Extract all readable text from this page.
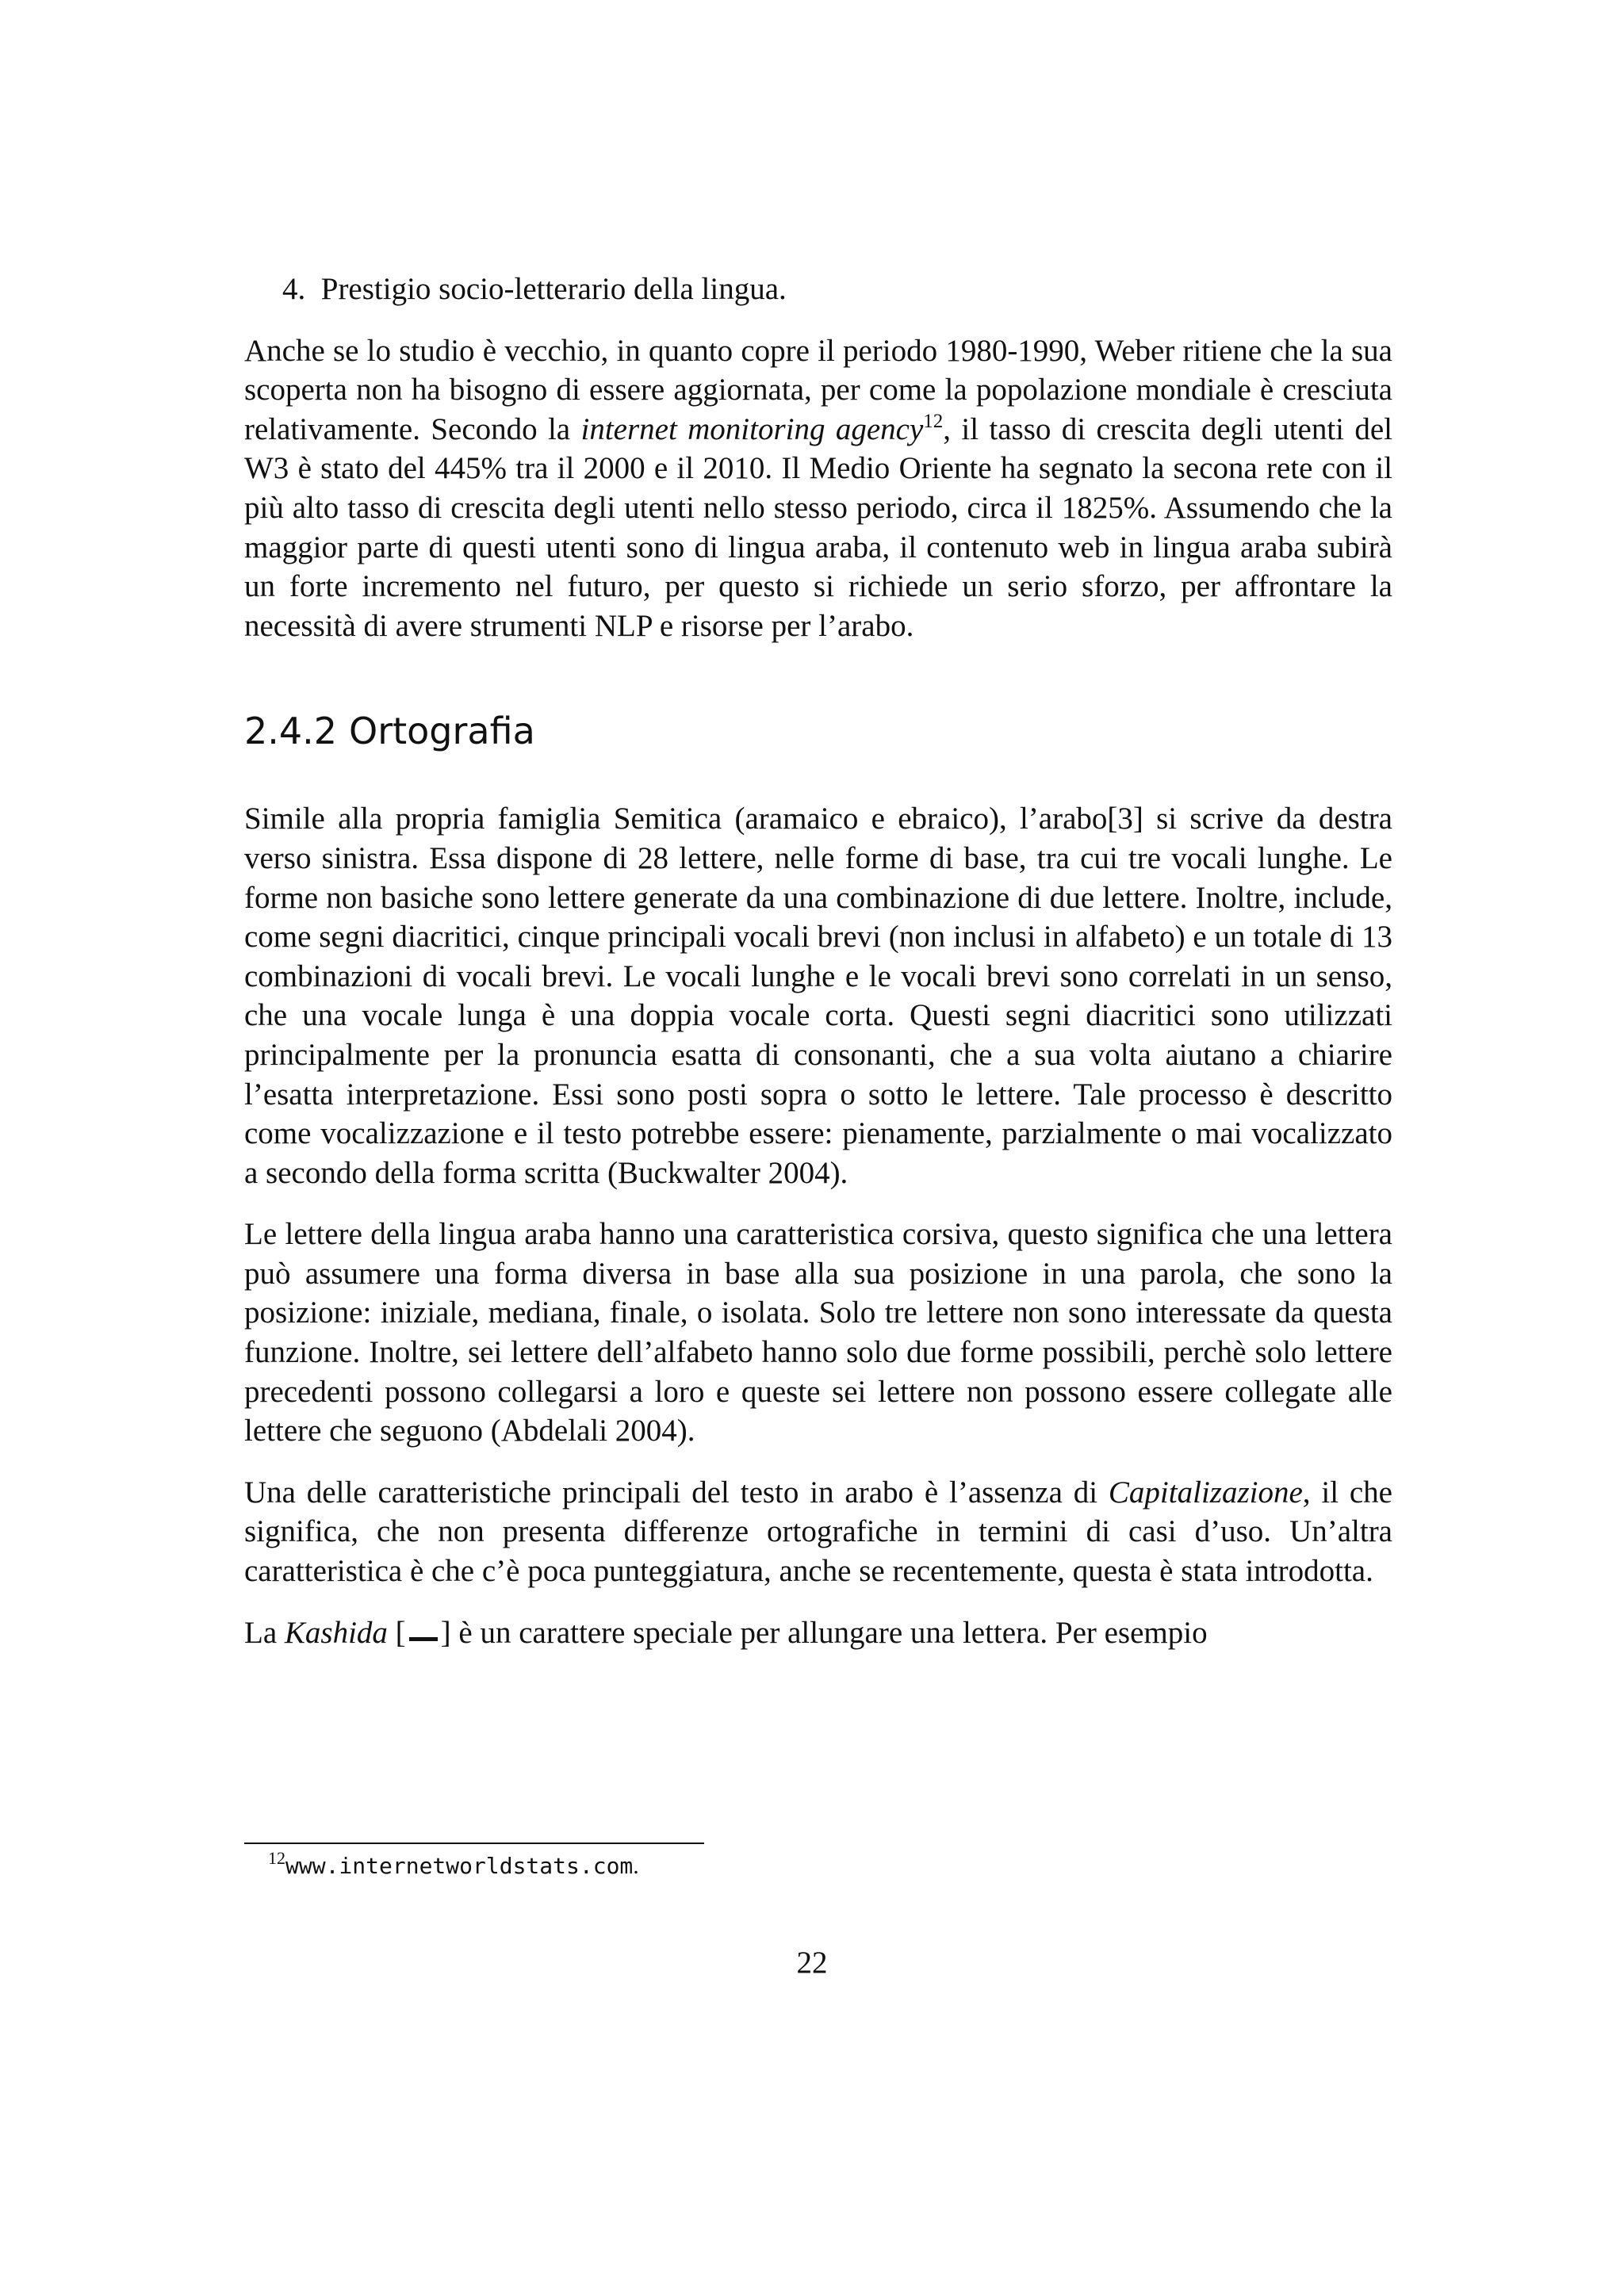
4. Prestigio socio-letterario della lingua.

Anche se lo studio è vecchio, in quanto copre il periodo 1980-1990, Weber ritiene che la sua scoperta non ha bisogno di essere aggiornata, per come la popolazione mondiale è cresciuta relativamente. Secondo la internet monitoring agency$^{12}$, il tasso di crescita degli utenti del W3 è stato del 445% tra il 2000 e il 2010. Il Medio Oriente ha segnato la secona rete con il più alto tasso di crescita degli utenti nello stesso periodo, circa il 1825%. Assumendo che la maggior parte di questi utenti sono di lingua araba, il contenuto web in lingua araba subirà un forte incremento nel futuro, per questo si richiede un serio sforzo, per affrontare la necessità di avere strumenti NLP e risorse per l’arabo.

2.4.2 Ortografia

Simile alla propria famiglia Semitica (aramaico e ebraico), l’arabo[3] si scrive da destra verso sinistra. Essa dispone di 28 lettere, nelle forme di base, tra cui tre vocali lunghe. Le forme non basiche sono lettere generate da una combinazione di due lettere. Inoltre, include, come segni diacritici, cinque principali vocali brevi (non inclusi in alfabeto) e un totale di 13 combinazioni di vocali brevi. Le vocali lunghe e le vocali brevi sono correlati in un senso, che una vocale lunga è una doppia vocale corta. Questi segni diacritici sono utilizzati principalmente per la pronuncia esatta di consonanti, che a sua volta aiutano a chiarire l’esatta interpretazione. Essi sono posti sopra o sotto le lettere. Tale processo è descritto come vocalizzazione e il testo potrebbe essere: pienamente, parzialmente o mai vocalizzato a secondo della forma scritta (Buckwalter 2004).

Le lettere della lingua araba hanno una caratteristica corsiva, questo significa che una lettera può assumere una forma diversa in base alla sua posizione in una parola, che sono la posizione: iniziale, mediana, finale, o isolata. Solo tre lettere non sono interessate da questa funzione. Inoltre, sei lettere dell’alfabeto hanno solo due forme possibili, perchè solo lettere precedenti possono collegarsi a loro e queste sei lettere non possono essere collegate alle lettere che seguono (Abdelali 2004).

Una delle caratteristiche principali del testo in arabo è l’assenza di Capitalizazione, il che significa, che non presenta differenze ortografiche in termini di casi d’uso. Un’altra caratteristica è che c’è poca punteggiatura, anche se recentemente, questa è stata introdotta.

La Kashida [ ] è un carattere speciale per allungare una lettera. Per esempio

$^{12}$www.internetworldstats.com.
22
